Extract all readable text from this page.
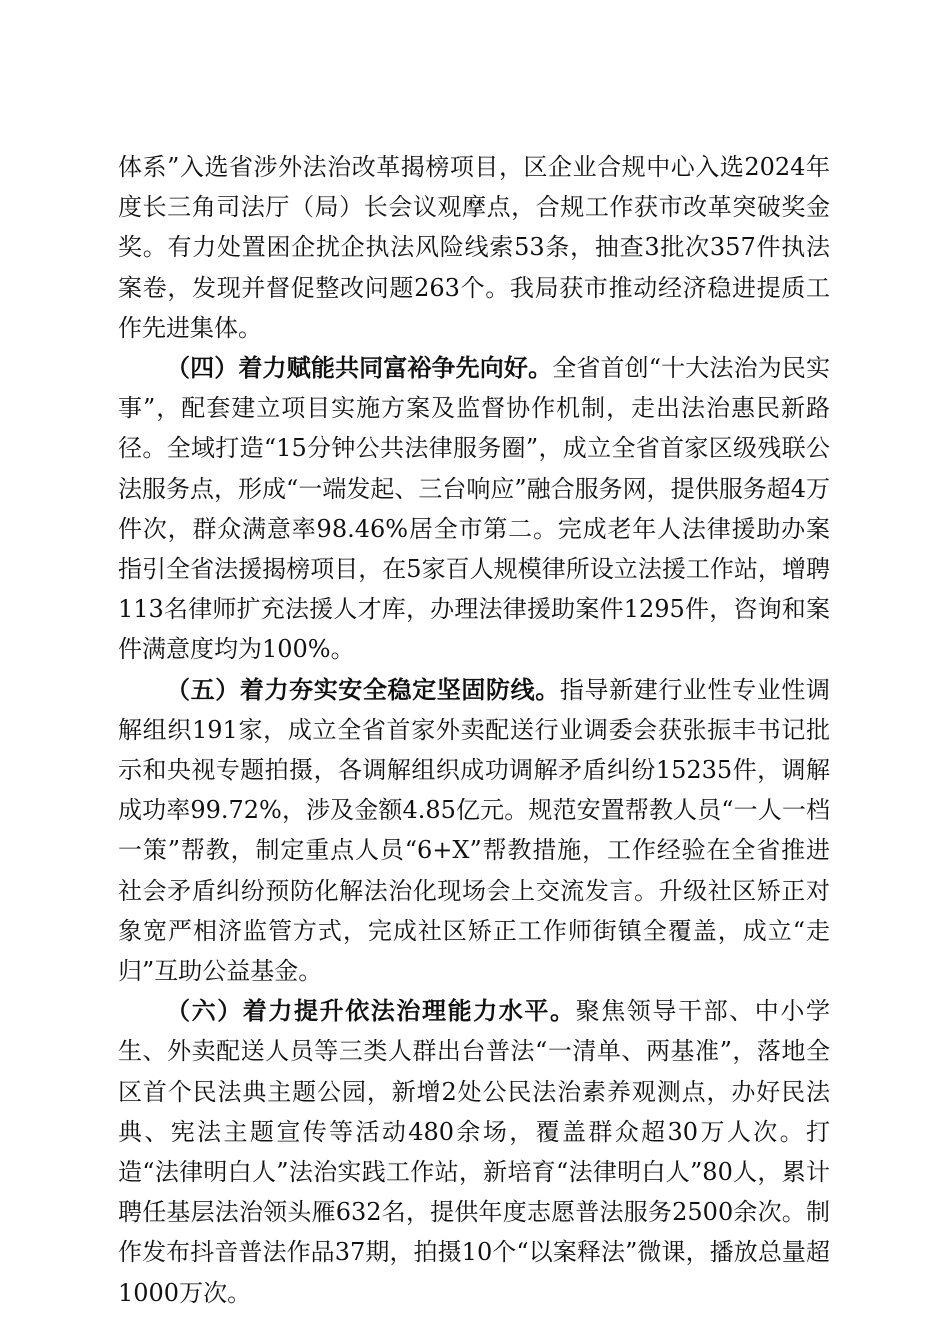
体系”入选省涉外法治改革揭榜项目，区企业合规中心入选2024年度长三角司法厅（局）长会议观摩点，合规工作获市改革突破奖金奖。有力处置困企扰企执法风险线索53条，抽查3批次357件执法案卷，发现并督促整改问题263个。我局获市推动经济稳进提质工作先进集体。

（四）着力赋能共同富裕争先向好。全省首创“十大法治为民实事”，配套建立项目实施方案及监督协作机制，走出法治惠民新路径。全域打造“15分钟公共法律服务圈”，成立全省首家区级残联公法服务点，形成“一端发起、三台响应”融合服务网，提供服务超4万件次，群众满意率98.46%居全市第二。完成老年人法律援助办案指引全省法援揭榜项目，在5家百人规模律所设立法援工作站，增聘113名律师扩充法援人才库，办理法律援助案件1295件，咨询和案件满意度均为100%。

（五）着力夯实安全稳定坚固防线。指导新建行业性专业性调解组织191家，成立全省首家外卖配送行业调委会获张振丰书记批示和央视专题拍摄，各调解组织成功调解矛盾纠纷15235件，调解成功率99.72%，涉及金额4.85亿元。规范安置帮教人员“一人一档一策”帮教，制定重点人员“6+X”帮教措施，工作经验在全省推进社会矛盾纠纷预防化解法治化现场会上交流发言。升级社区矫正对象宽严相济监管方式，完成社区矫正工作师街镇全覆盖，成立“走归”互助公益基金。

（六）着力提升依法治理能力水平。聚焦领导干部、中小学生、外卖配送人员等三类人群出台普法“一清单、两基准”，落地全区首个民法典主题公园，新增2处公民法治素养观测点，办好民法典、宪法主题宣传等活动480余场，覆盖群众超30万人次。打造“法律明白人”法治实践工作站，新培育“法律明白人”80人，累计聘任基层法治领头雁632名，提供年度志愿普法服务2500余次。制作发布抖音普法作品37期，拍摄10个“以案释法”微课，播放总量超1000万次。
